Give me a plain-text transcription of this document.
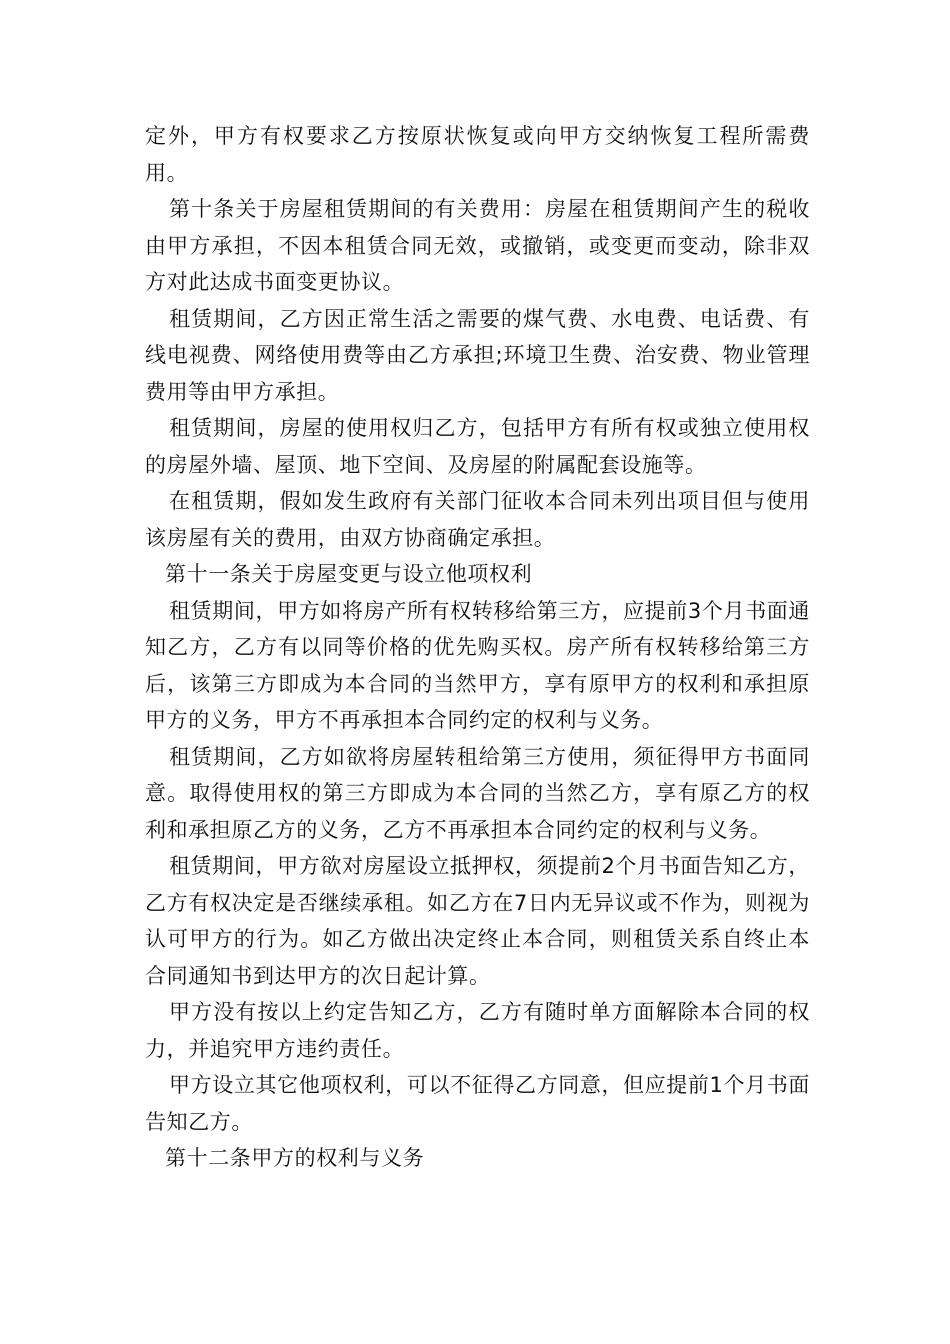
定外，甲方有权要求乙方按原状恢复或向甲方交纳恢复工程所需费用。

第十条关于房屋租赁期间的有关费用：房屋在租赁期间产生的税收由甲方承担，不因本租赁合同无效，或撤销，或变更而变动，除非双方对此达成书面变更协议。

租赁期间，乙方因正常生活之需要的煤气费、水电费、电话费、有线电视费、网络使用费等由乙方承担;环境卫生费、治安费、物业管理费用等由甲方承担。

租赁期间，房屋的使用权归乙方，包括甲方有所有权或独立使用权的房屋外墙、屋顶、地下空间、及房屋的附属配套设施等。

在租赁期，假如发生政府有关部门征收本合同未列出项目但与使用该房屋有关的费用，由双方协商确定承担。

第十一条关于房屋变更与设立他项权利

租赁期间，甲方如将房产所有权转移给第三方，应提前3个月书面通知乙方，乙方有以同等价格的优先购买权。房产所有权转移给第三方后，该第三方即成为本合同的当然甲方，享有原甲方的权利和承担原甲方的义务，甲方不再承担本合同约定的权利与义务。

租赁期间，乙方如欲将房屋转租给第三方使用，须征得甲方书面同意。取得使用权的第三方即成为本合同的当然乙方，享有原乙方的权利和承担原乙方的义务，乙方不再承担本合同约定的权利与义务。

租赁期间，甲方欲对房屋设立抵押权，须提前2个月书面告知乙方，乙方有权决定是否继续承租。如乙方在7日内无异议或不作为，则视为认可甲方的行为。如乙方做出决定终止本合同，则租赁关系自终止本合同通知书到达甲方的次日起计算。

甲方没有按以上约定告知乙方，乙方有随时单方面解除本合同的权力，并追究甲方违约责任。

甲方设立其它他项权利，可以不征得乙方同意，但应提前1个月书面告知乙方。

第十二条甲方的权利与义务
